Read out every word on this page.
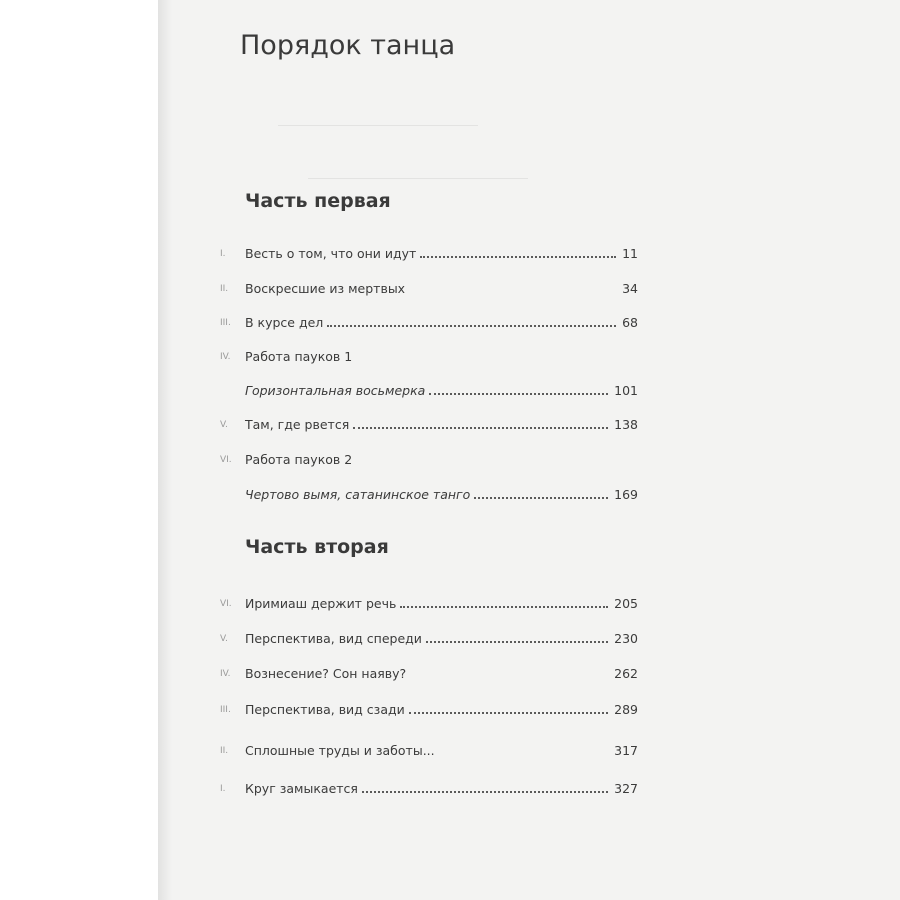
Порядок танца
Часть первая
I.	Весть о том, что они идут	11
II.	Воскресшие из мертвых	34
III.	В курсе дел	68
IV.	Работа пауков 1
Горизонтальная восьмерка	101
V.	Там, где рвется	138
VI.	Работа пауков 2
Чертово вымя, сатанинское танго	169
Часть вторая
VI.	Иримиаш держит речь	205
V.	Перспектива, вид спереди	230
IV.	Вознесение? Сон наяву?	262
III.	Перспектива, вид сзади	289
II.	Сплошные труды и заботы...	317
I.	Круг замыкается	327
